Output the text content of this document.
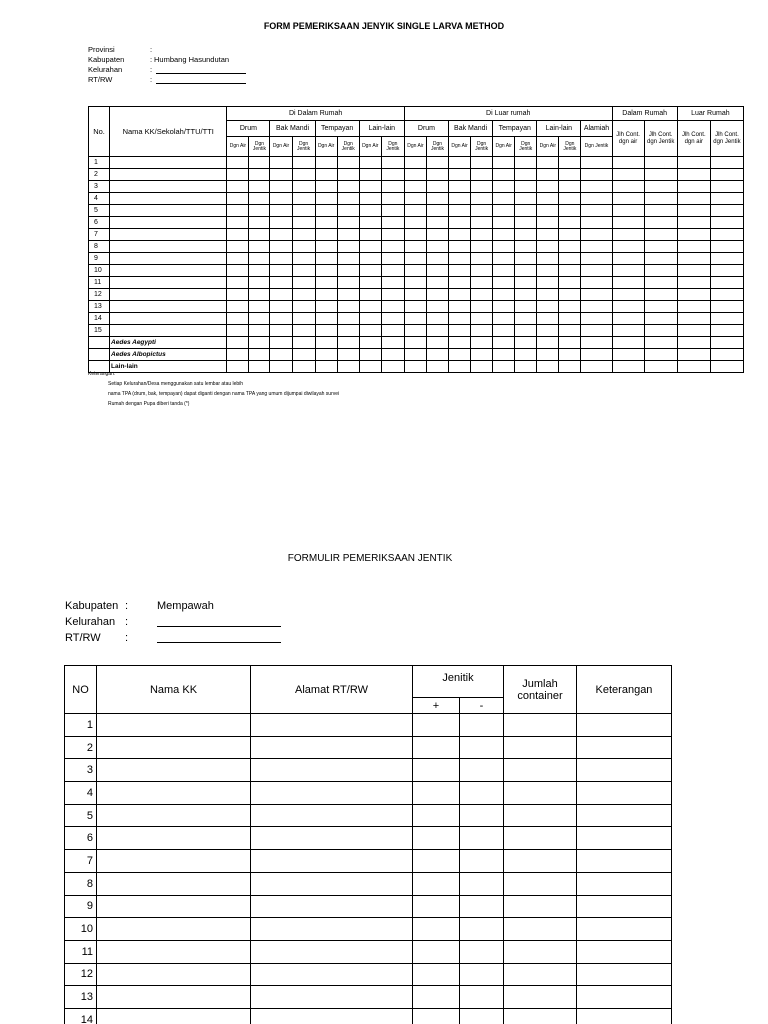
FORM PEMERIKSAAN JENYIK SINGLE LARVA METHOD
Provinsi	:
Kabupaten	: Humbang Hasundutan
Kelurahan	:
RT/RW	:
No.	Nama KK/Sekolah/TTU/TTI	Di Dalam Rumah								Di Luar rumah									Dalam Rumah		Luar Rumah	
		Drum		Bak Mandi		Tempayan		Lain-lain		Drum		Bak Mandi		Tempayan		Lain-lain		Alamiah	Jlh Cont. dgn air	Jlh Cont. dgn Jentik	Jlh Cont. dgn air	Jlh Cont. dgn Jentik
		Dgn Air	Dgn Jentik	Dgn Air	Dgn Jentik	Dgn Air	Dgn Jentik	Dgn Air	Dgn Jentik	Dgn Air	Dgn Jentik	Dgn Air	Dgn Jentik	Dgn Air	Dgn Jentik	Dgn Air	Dgn Jentik	Dgn Jentik				
1																						
2																						
3																						
4																						
5																						
6																						
7																						
8																						
9																						
10																						
11																						
12																						
13																						
14																						
15																						
	Aedes Aegypti																					
	Aedes Albopictus																					
	Lain-lain																					
Keterangan:
Setiap Kelurahan/Desa menggunakan satu lembar atau lebih
nama TPA (drum, bak, tempayan) dapat diganti dengan nama TPA yang umum dijumpai diwilayah survei
Rumah dengan Pupa diberi tanda (*)
FORMULIR PEMERIKSAAN JENTIK
Kabupaten :	Mempawah
Kelurahan :
RT/RW	:
NO	Nama KK	Alamat RT/RW	Jenitik		Jumlah container	Keterangan
			+	-		
1						
2						
3						
4						
5						
6						
7						
8						
9						
10						
11						
12						
13						
14						
